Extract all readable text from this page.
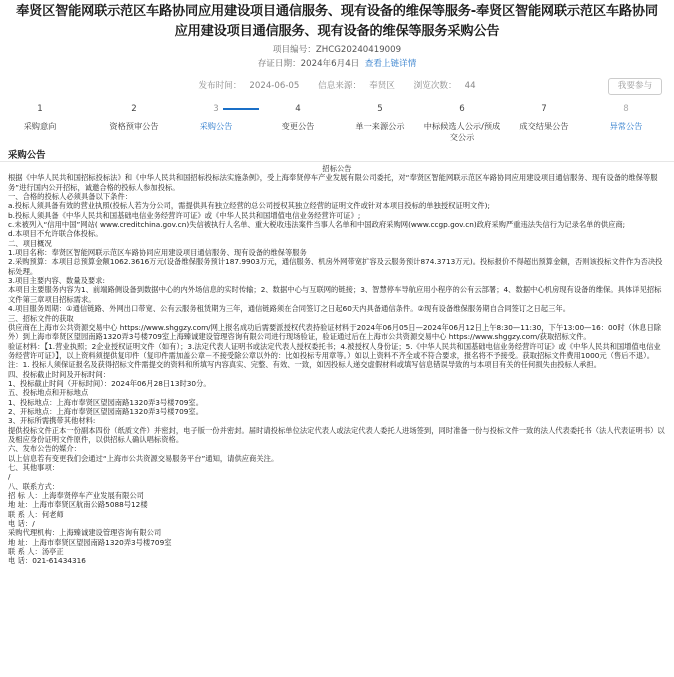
奉贤区智能网联示范区车路协同应用建设项目通信服务、现有设备的维保等服务-奉贤区智能网联示范区车路协同
应用建设项目通信服务、现有设备的维保等服务采购公告
项目编号：ZHCG20240419009
存证日期：2024年6月4日 查看上链详情
发布时间： 2024-06-05 信息来源： 奉贤区 浏览次数： 44	我要参与
1
采购意向
2
资格预审公告
3
采购公告
4
变更公告
5
单一来源公示
6
中标候选人公示/预成交公示
7
成交结果公告
8
异常公告
采购公告
招标公告

根据《中华人民共和国招标投标法》和《中华人民共和国招标投标法实施条例》，受上海奉贤停车产业发展有限公司委托，对“奉贤区智能网联示范区车路协同应用建设项目通信服务、现有设备的维保等服务”进行国内公开招标，诚邀合格的投标人参加投标。

一、合格的投标人必须具备以下条件：

a.投标人须具备有效的营业执照(投标人若为分公司，需提供具有独立经营的总公司授权其独立经营的证明文件或针对本项目投标的单独授权证明文件);

b.投标人须具备《中华人民共和国基础电信业务经营许可证》或《中华人民共和国增值电信业务经营许可证》;

c.未被列入“信用中国”网站( www.creditchina.gov.cn)失信被执行人名单、重大税收违法案件当事人名单和中国政府采购网(www.ccgp.gov.cn)政府采购严重违法失信行为记录名单的供应商;

d.本项目不允许联合体投标。

二、项目概况

1.项目名称：奉贤区智能网联示范区车路协同应用建设项目通信服务、现有设备的维保等服务

2.采购预算：本项目总预算金额1062.3616万元(设备维保服务预计187.9903万元，通信服务、机房外网带宽扩容及云服务预计874.3713万元)。投标报价不得超出预算金额，否则该投标文件作为否决投标处理。

3.项目主要内容、数量及要求:

本项目主要服务内容为1、前端路侧设备到数据中心的内外场信息的实时传输；2、数据中心与互联网的链接；3、智慧停车导航应用小程序的公有云部署；4、数据中心机房现有设备的维保。具体详见招标文件第三章项目招标需求。

4.项目服务周期：①通信链路、外网出口带宽、公有云服务租赁期为三年，通信链路须在合同签订之日起60天内具备通信条件。②现有设备维保服务期自合同签订之日起三年。

三、招标文件的获取

供应商在上海市公共资源交易中心 https://www.shggzy.com/网上报名成功后需要派授权代表持验证材料于2024年06月05日—2024年06月12日上午8:30—11:30，下午13:00—16：00时（休息日除外）到上海市奉贤区望园南路1320弄3号楼709室上海臻诚建设管理咨询有限公司进行现场验证，验证通过后在上海市公共资源交易中心 https://www.shggzy.com/获取招标文件。

验证材料：【1.营业执照；2企业授权证明文件（如有）；3.法定代表人证明书或法定代表人授权委托书；4.被授权人身份证；5.《中华人民共和国基础电信业务经营许可证》或《中华人民共和国增值电信业务经营许可证》】，以上资料须提供复印件（复印件需加盖公章－不接受除公章以外的：比如投标专用章等。）如以上资料不齐全或不符合要求，报名将不予接受。获取招标文件费用1000元（售后不退）。

注：1. 投标人须保证报名及获得招标文件需提交的资料和所填写内容真实、完整、有效、一致，如因投标人递交虚假材料或填写信息错误导致的与本项目有关的任何损失由投标人承担。

四、投标截止时间及开标时间：

1、投标截止时间（开标时间）：2024年06月28日13时30分。

五、投标地点和开标地点

1、投标地点：上海市奉贤区望园南路1320弄3号楼709室。

2、开标地点：上海市奉贤区望园南路1320弄3号楼709室。

3、开标所需携带其他材料:

提供投标文件正本一份副本四份（纸质文件）并密封，电子版一份并密封。届时请投标单位法定代表人或法定代表人委托人进场签到，同时准备一份与投标文件一致的法人代表委托书（法人代表证明书）以及相应身份证明文件原件，以供招标人确认唱标资格。

六、发布公告的媒介：

以上信息若有变更我们会通过“上海市公共资源交易服务平台”通知，请供应商关注。

七、其他事项：

/

八、联系方式：

招 标 人：上海奉贤停车产业发展有限公司

地 址：上海市奉贤区航南公路5088号12楼

联 系 人：何老师

电 话：/

采购代理机构：上海臻诚建设管理咨询有限公司

地 址：上海市奉贤区望园南路1320弄3号楼709室

联 系 人：汤亭正

电 话：021-61434316
